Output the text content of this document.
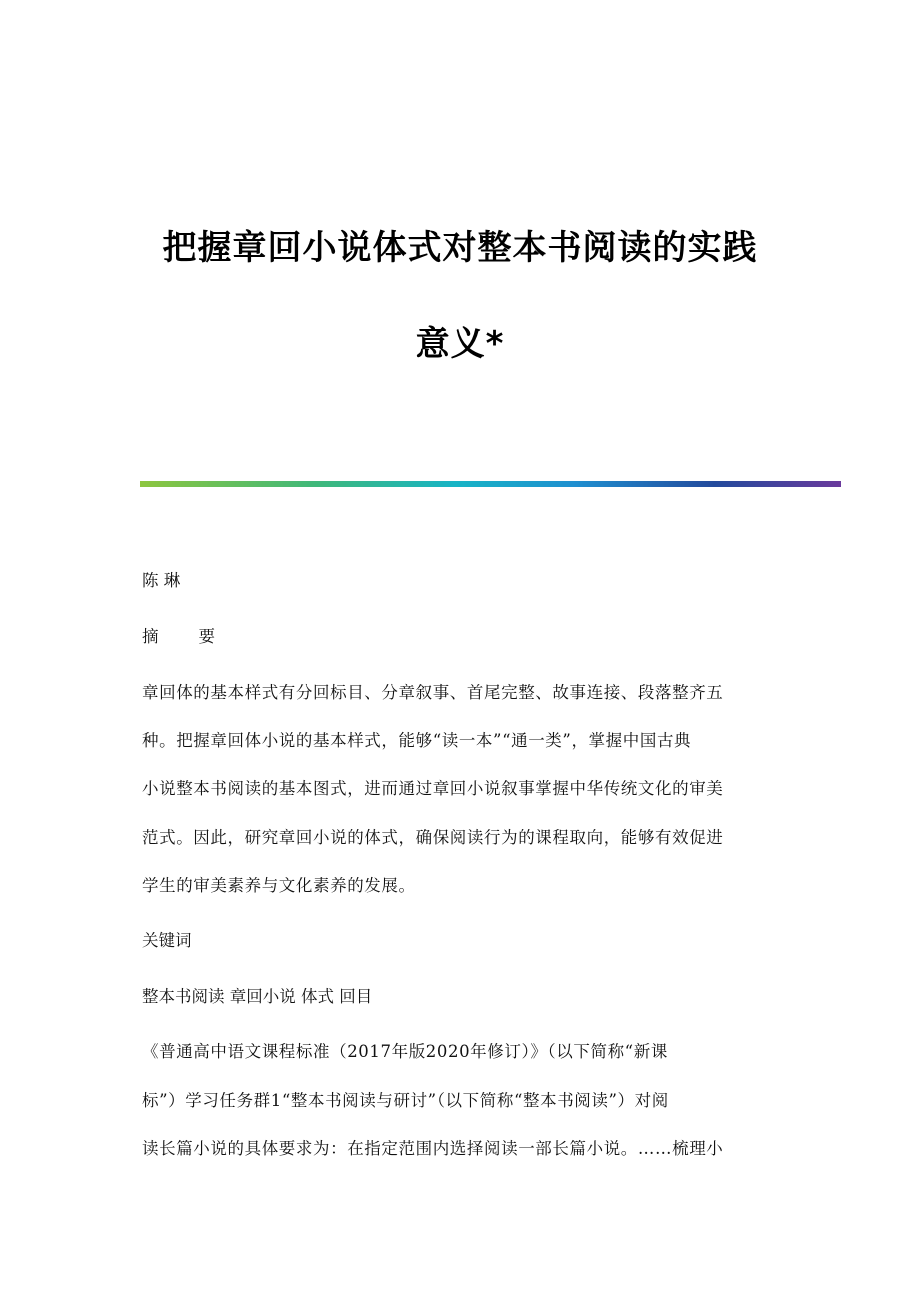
把握章回小说体式对整本书阅读的实践
意义*
陈 琳
摘 要
章回体的基本样式有分回标目、分章叙事、首尾完整、故事连接、段落整齐五
种。把握章回体小说的基本样式，能够“读一本”“通一类”，掌握中国古典
小说整本书阅读的基本图式，进而通过章回小说叙事掌握中华传统文化的审美
范式。因此，研究章回小说的体式，确保阅读行为的课程取向，能够有效促进
学生的审美素养与文化素养的发展。
关键词
整本书阅读 章回小说 体式 回目
《普通高中语文课程标准（2017年版2020年修订）》（以下简称“新课
标”）学习任务群1“整本书阅读与研讨”（以下简称“整本书阅读”）对阅
读长篇小说的具体要求为：在指定范围内选择阅读一部长篇小说。……梳理小
